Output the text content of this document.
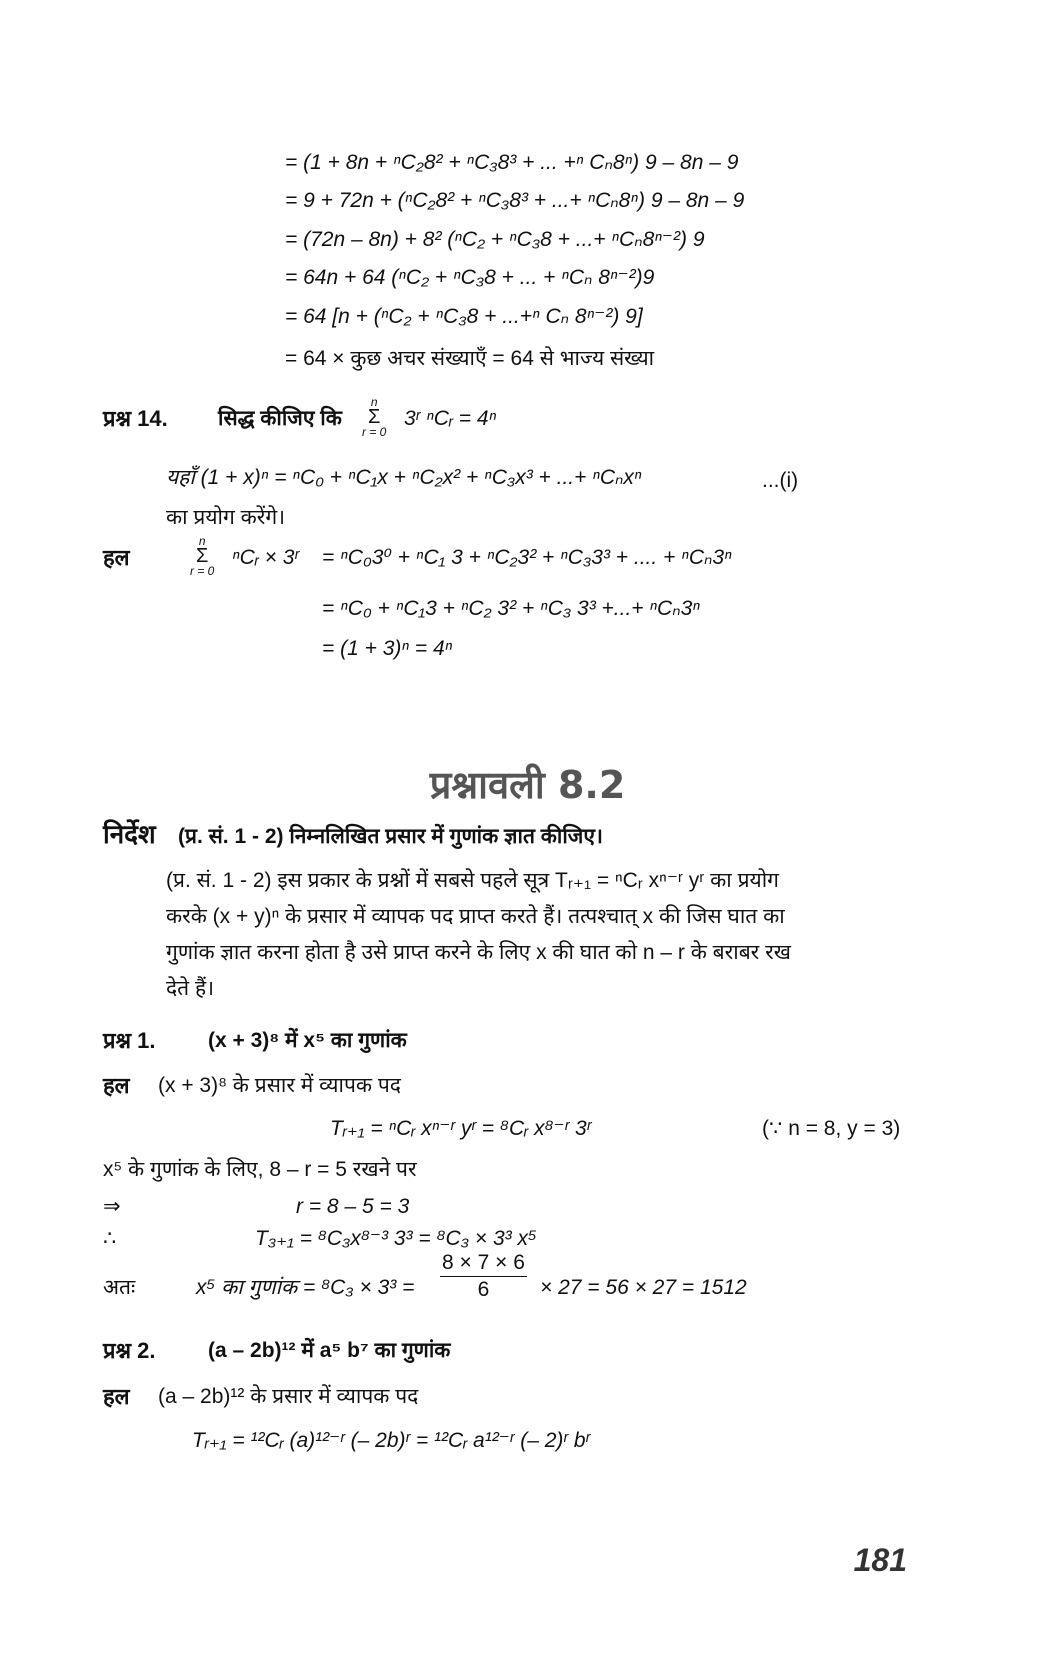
= (1 + 8n + ⁿC₂8² + ⁿC₃8³ + ... +ⁿ Cₙ8ⁿ) 9 – 8n – 9
= 9 + 72n + (ⁿC₂8² + ⁿC₃8³ + ...+ ⁿCₙ8ⁿ) 9 – 8n – 9
= (72n – 8n) + 8² (ⁿC₂ + ⁿC₃8 + ...+ ⁿCₙ8ⁿ⁻²) 9
= 64n + 64 (ⁿC₂ + ⁿC₃8 + ... + ⁿCₙ 8ⁿ⁻²)9
= 64 [n + (ⁿC₂ + ⁿC₃8 + ...+ⁿ Cₙ 8ⁿ⁻²) 9]
= 64 × कुछ अचर संख्याएँ = 64 से भाज्य संख्या
प्रश्न 14. सिद्ध कीजिए कि
n
Σ
r = 0
3ʳ ⁿCᵣ = 4ⁿ
यहाँ (1 + x)ⁿ = ⁿC₀ + ⁿC₁x + ⁿC₂x² + ⁿC₃x³ + ...+ ⁿCₙxⁿ	...(i)
का प्रयोग करेंगे।
हल
n
Σ
r = 0
ⁿCᵣ × 3ʳ = ⁿC₀3⁰ + ⁿC₁ 3 + ⁿC₂3² + ⁿC₃3³ + .... + ⁿCₙ3ⁿ
= ⁿC₀ + ⁿC₁3 + ⁿC₂ 3² + ⁿC₃ 3³ +...+ ⁿCₙ3ⁿ
= (1 + 3)ⁿ = 4ⁿ
प्रश्नावली 8.2
निर्देश (प्र. सं. 1 - 2) निम्नलिखित प्रसार में गुणांक ज्ञात कीजिए।
(प्र. सं. 1 - 2) इस प्रकार के प्रश्नों में सबसे पहले सूत्र Tᵣ₊₁ = ⁿCᵣ xⁿ⁻ʳ yʳ का प्रयोग
करके (x + y)ⁿ के प्रसार में व्यापक पद प्राप्त करते हैं। तत्पश्चात् x की जिस घात का
गुणांक ज्ञात करना होता है उसे प्राप्त करने के लिए x की घात को n – r के बराबर रख
देते हैं।
प्रश्न 1. (x + 3)⁸ में x⁵ का गुणांक
हल (x + 3)⁸ के प्रसार में व्यापक पद
Tᵣ₊₁ = ⁿCᵣ xⁿ⁻ʳ yʳ = ⁸Cᵣ x⁸⁻ʳ 3ʳ	(∵ n = 8, y = 3)
x⁵ के गुणांक के लिए, 8 – r = 5 रखने पर
⇒	r = 8 – 5 = 3
∴	T₃₊₁ = ⁸C₃x⁸⁻³ 3³ = ⁸C₃ × 3³ x⁵
अतः	x⁵ का गुणांक = $^8C_3 \times 3^3 = \frac{8 \times 7 \times 6}{6} \times 27 = 56 \times 27 = 1512$
प्रश्न 2. (a – 2b)¹² में a⁵ b⁷ का गुणांक
हल (a – 2b)¹² के प्रसार में व्यापक पद
Tᵣ₊₁ = ¹²Cᵣ (a)¹²⁻ʳ (– 2b)ʳ = ¹²Cᵣ a¹²⁻ʳ (– 2)ʳ bʳ
181
